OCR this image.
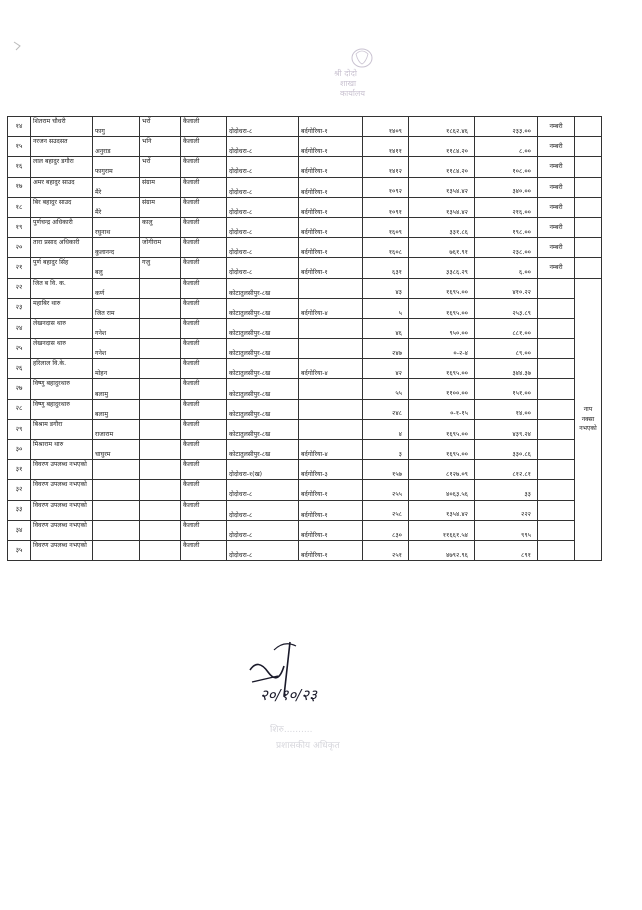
श्री दोदो
शाखा
कार्यालय
१४	शितराम चौधरी	फागु	भर्रो	कैलाली	दोदोधरा-८	बर्दगोरिया-१	१४०९	१८६२.४६	२३३.००	नम्बरी	
१५	नरजन सउदसत	अनुराड	भनि	कैलाली	दोदोधरा-८	बर्दगोरिया-१	१४११	११८४.२०	८.००	नम्बरी	
१६	लाल बहादुर डगौरा	फागुराम	भर्रो	कैलाली	दोदोधरा-८	बर्दगोरिया-१	१४१२	११८४.२०	१०८.००	नम्बरी	
१७	अमर बहादुर साउद	मैरे	संग्राम	कैलाली	दोदोधरा-८	बर्दगोरिया-१	१०९२	१३५४.४२	३४०.००	नम्बरी	
१८	बिर बहादुर साउद	मैरे	संग्राम	कैलाली	दोदोधरा-८	बर्दगोरिया-१	१०९१	१३५४.४२	२१६.००	नम्बरी	
१९	पुर्णचन्द्र अधिकारी	रघुनाथ	कालु	कैलाली	दोदोधरा-८	बर्दगोरिया-१	१६०९	३३१.८६	१९८.००	नम्बरी	
२०	तारा प्रसाद अधिकारी	कुलानन्द	जोगीराम	कैलाली	दोदोधरा-८	बर्दगोरिया-१	१६०८	७६१.९१	२३८.००	नम्बरी	
२१	पुर्ण बहादुर सिंह	बलु	गजु	कैलाली	दोदोधरा-८	बर्दगोरिया-१	६३१	३३८६.२९	६.००	नम्बरी	
२२	जित ब वि. क.	कर्ण		कैलाली	कोटातुलसीपुर-८ख		४३	१६९५.००	४१०.२२		नाप नक्सा नभएको
२३	महाबिर थारु	जित राम		कैलाली	कोटातुलसीपुर-८ख	बर्दगोरिया-४	५	१६९५.००	२५३.८९		
२४	लेखनदास थारु	गनेश		कैलाली	कोटातुलसीपुर-८ख		४६	९५०.००	८८१.००		
२५	लेखनदास थारु	गनेश		कैलाली	कोटातुलसीपुर-८ख		२४७	०-२-४	८९.००		
२६	हरिलाल वि.के.	मोहन		कैलाली	कोटातुलसीपुर-८ख	बर्दगोरिया-४	४२	१६९५.००	३४४.३७		
२७	विष्णु बहादुरथारु	बलामु		कैलाली	कोटातुलसीपुर-८ख		५५	११००.००	१५१.००		
२८	विष्णु बहादुरथारु	बलामु		कैलाली	कोटातुलसीपुर-८ख		२४८	०-१-१५	१४.००		
२९	बिश्राम डगौरा	राजाराम		कैलाली	कोटातुलसीपुर-८ख		४	१६९५.००	४३९.२४		
३०	मिश्राराम थारु	चाघुरम		कैलाली	कोटातुलसीपुर-८ख	बर्दगोरिया-४	३	१६९५.००	३३०.८६		
३१	विवरण उपलब्ध नभएको			कैलाली	दोदोधरा-१(ख)	बर्दगोरिया-३	१५७	८१२७.०९	८१२.८१		
३२	विवरण उपलब्ध नभएको			कैलाली	दोदोधरा-८	बर्दगोरिया-१	२५५	४०६३.५६	३३		
३३	विवरण उपलब्ध नभएको			कैलाली	दोदोधरा-८	बर्दगोरिया-१	२५८	१३५४.४२	२२२		
३४	विवरण उपलब्ध नभएको			कैलाली	दोदोधरा-८	बर्दगोरिया-१	८३०	११६६१.५४	९९५		
३५	विवरण उपलब्ध नभएको			कैलाली	दोदोधरा-८	बर्दगोरिया-१	२५१	४७९२.९६	८९१		
२०/१०/२३
शिरु..........
प्रशासकीय अधिकृत
